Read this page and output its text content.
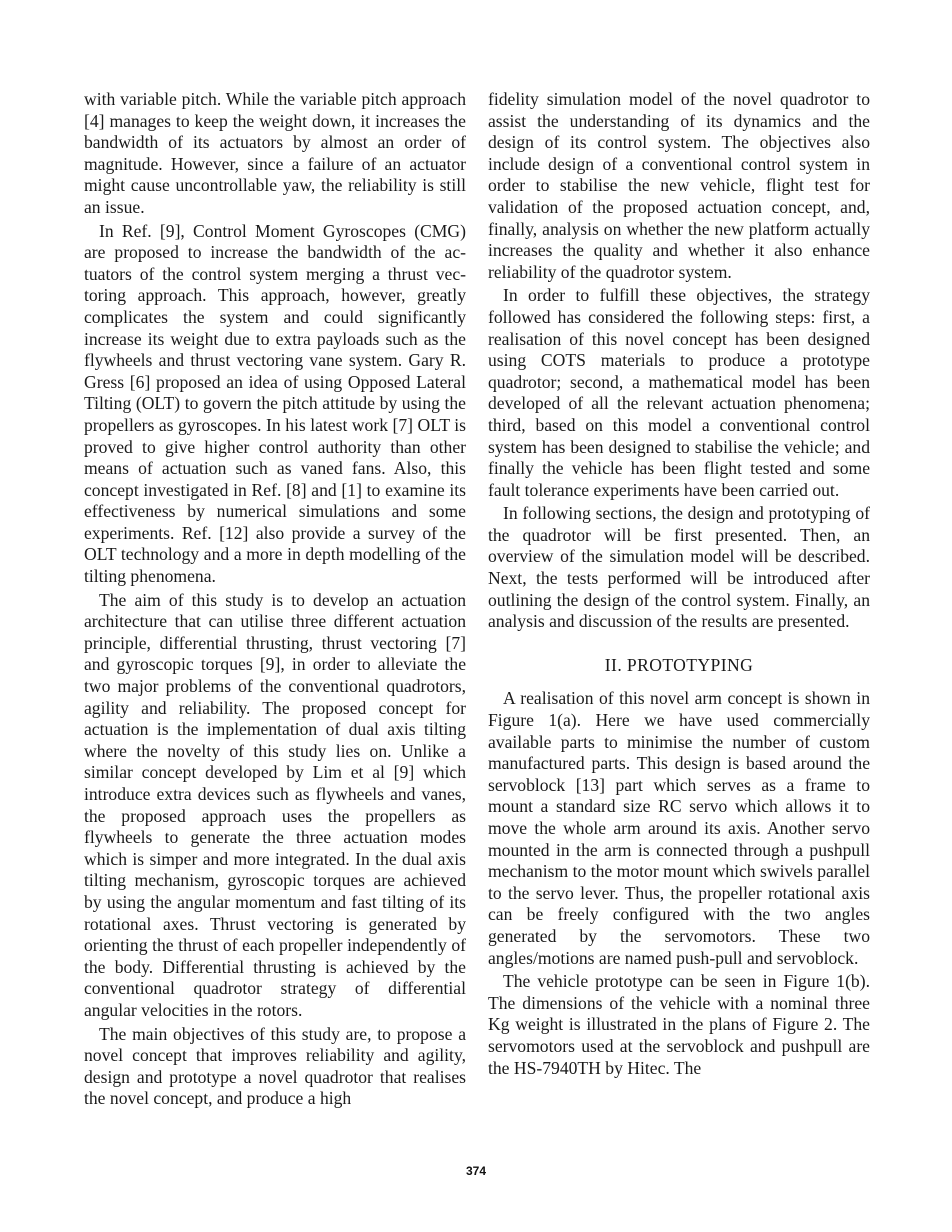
with variable pitch. While the variable pitch approach [4] manages to keep the weight down, it increases the bandwidth of its actuators by almost an order of magnitude. However, since a failure of an actuator might cause uncontrollable yaw, the reliability is still an issue.

In Ref. [9], Control Moment Gyroscopes (CMG) are proposed to increase the bandwidth of the actuators of the control system merging a thrust vectoring approach. This approach, however, greatly complicates the system and could significantly increase its weight due to extra payloads such as the flywheels and thrust vectoring vane system. Gary R. Gress [6] proposed an idea of using Opposed Lateral Tilting (OLT) to govern the pitch attitude by using the propellers as gyroscopes. In his latest work [7] OLT is proved to give higher control authority than other means of actuation such as vaned fans. Also, this concept investigated in Ref. [8] and [1] to examine its effectiveness by numerical simulations and some experiments. Ref. [12] also provide a survey of the OLT technology and a more in depth modelling of the tilting phenomena.

The aim of this study is to develop an actuation architecture that can utilise three different actuation principle, differential thrusting, thrust vectoring [7] and gyroscopic torques [9], in order to alleviate the two major problems of the conventional quadrotors, agility and reliability. The proposed concept for actuation is the implementation of dual axis tilting where the novelty of this study lies on. Unlike a similar concept developed by Lim et al [9] which introduce extra devices such as flywheels and vanes, the proposed approach uses the propellers as flywheels to generate the three actuation modes which is simper and more integrated. In the dual axis tilting mechanism, gyroscopic torques are achieved by using the angular momentum and fast tilting of its rotational axes. Thrust vectoring is generated by orienting the thrust of each propeller independently of the body. Differential thrusting is achieved by the conventional quadrotor strategy of differential angular velocities in the rotors.

The main objectives of this study are, to propose a novel concept that improves reliability and agility, design and prototype a novel quadrotor that realises the novel concept, and produce a high

fidelity simulation model of the novel quadrotor to assist the understanding of its dynamics and the design of its control system. The objectives also include design of a conventional control system in order to stabilise the new vehicle, flight test for validation of the proposed actuation concept, and, finally, analysis on whether the new platform actually increases the quality and whether it also enhance reliability of the quadrotor system.

In order to fulfill these objectives, the strategy followed has considered the following steps: first, a realisation of this novel concept has been designed using COTS materials to produce a prototype quadrotor; second, a mathematical model has been developed of all the relevant actuation phenomena; third, based on this model a conventional control system has been designed to stabilise the vehicle; and finally the vehicle has been flight tested and some fault tolerance experiments have been carried out.

In following sections, the design and prototyping of the quadrotor will be first presented. Then, an overview of the simulation model will be described. Next, the tests performed will be introduced after outlining the design of the control system. Finally, an analysis and discussion of the results are presented.

II. PROTOTYPING

A realisation of this novel arm concept is shown in Figure 1(a). Here we have used commercially available parts to minimise the number of custom manufactured parts. This design is based around the servoblock [13] part which serves as a frame to mount a standard size RC servo which allows it to move the whole arm around its axis. Another servo mounted in the arm is connected through a pushpull mechanism to the motor mount which swivels parallel to the servo lever. Thus, the propeller rotational axis can be freely configured with the two angles generated by the servomotors. These two angles/motions are named push-pull and servoblock.

The vehicle prototype can be seen in Figure 1(b). The dimensions of the vehicle with a nominal three Kg weight is illustrated in the plans of Figure 2. The servomotors used at the servoblock and pushpull are the HS-7940TH by Hitec. The

374
